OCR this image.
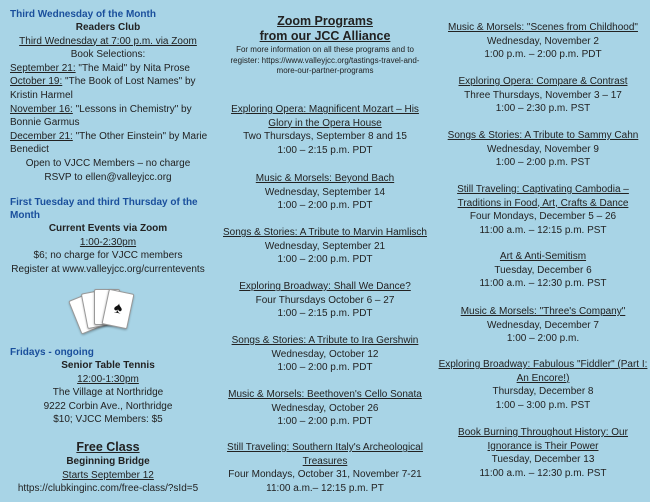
Third Wednesday of the Month
Readers Club
Third Wednesday at 7:00 p.m. via Zoom
Book Selections:
September 21: "The Maid" by Nita Prose
October 19: "The Book of Lost Names" by Kristin Harmel
November 16: "Lessons in Chemistry" by Bonnie Garmus
December 21: "The Other Einstein" by Marie Benedict
Open to VJCC Members – no charge
RSVP to ellen@valleyjcc.org
First Tuesday and third Thursday of the Month
Current Events via Zoom
1:00-2:30pm
$6; no charge for VJCC members
Register at www.valleyjcc.org/currentevents
♠
Fridays - ongoing
Senior Table Tennis
12:00-1:30pm
The Village at Northridge
9222 Corbin Ave., Northridge
$10; VJCC Members: $5
Free Class
Beginning Bridge
Starts September 12
https://clubkinginc.com/free-class/?sId=5
Zoom Programs
from our JCC Alliance
For more information on all these programs and to register: https://www.valleyjcc.org/tastings-travel-and-more-our-partner-programs
Exploring Opera: Magnificent Mozart – His Glory in the Opera House
Two Thursdays, September 8 and 15
1:00 – 2:15 p.m. PDT
Music & Morsels: Beyond Bach
Wednesday, September 14
1:00 – 2:00 p.m. PDT
Songs & Stories: A Tribute to Marvin Hamlisch
Wednesday, September 21
1:00 – 2:00 p.m. PDT
Exploring Broadway: Shall We Dance?
Four Thursdays October 6 – 27
1:00 – 2:15 p.m. PDT
Songs & Stories: A Tribute to Ira Gershwin
Wednesday, October 12
1:00 – 2:00 p.m. PDT
Music & Morsels: Beethoven's Cello Sonata
Wednesday, October 26
1:00 – 2:00 p.m. PDT
Still Traveling: Southern Italy's Archeological Treasures
Four Mondays, October 31, November 7-21
11:00 a.m.– 12:15 p.m. PT
Music & Morsels: "Scenes from Childhood"
Wednesday, November 2
1:00 p.m. – 2:00 p.m. PDT
Exploring Opera: Compare & Contrast
Three Thursdays, November 3 – 17
1:00 – 2:30 p.m. PST
Songs & Stories: A Tribute to Sammy Cahn
Wednesday, November 9
1:00 – 2:00 p.m. PST
Still Traveling: Captivating Cambodia – Traditions in Food, Art, Crafts & Dance
Four Mondays, December 5 – 26
11:00 a.m. – 12:15 p.m. PST
Art & Anti-Semitism
Tuesday, December 6
11:00 a.m. – 12:30 p.m. PST
Music & Morsels: "Three's Company"
Wednesday, December 7
1:00 – 2:00 p.m.
Exploring Broadway: Fabulous "Fiddler" (Part I: An Encore!)
Thursday, December 8
1:00 – 3:00 p.m. PST
Book Burning Throughout History: Our Ignorance is Their Power
Tuesday, December 13
11:00 a.m. – 12:30 p.m. PST
